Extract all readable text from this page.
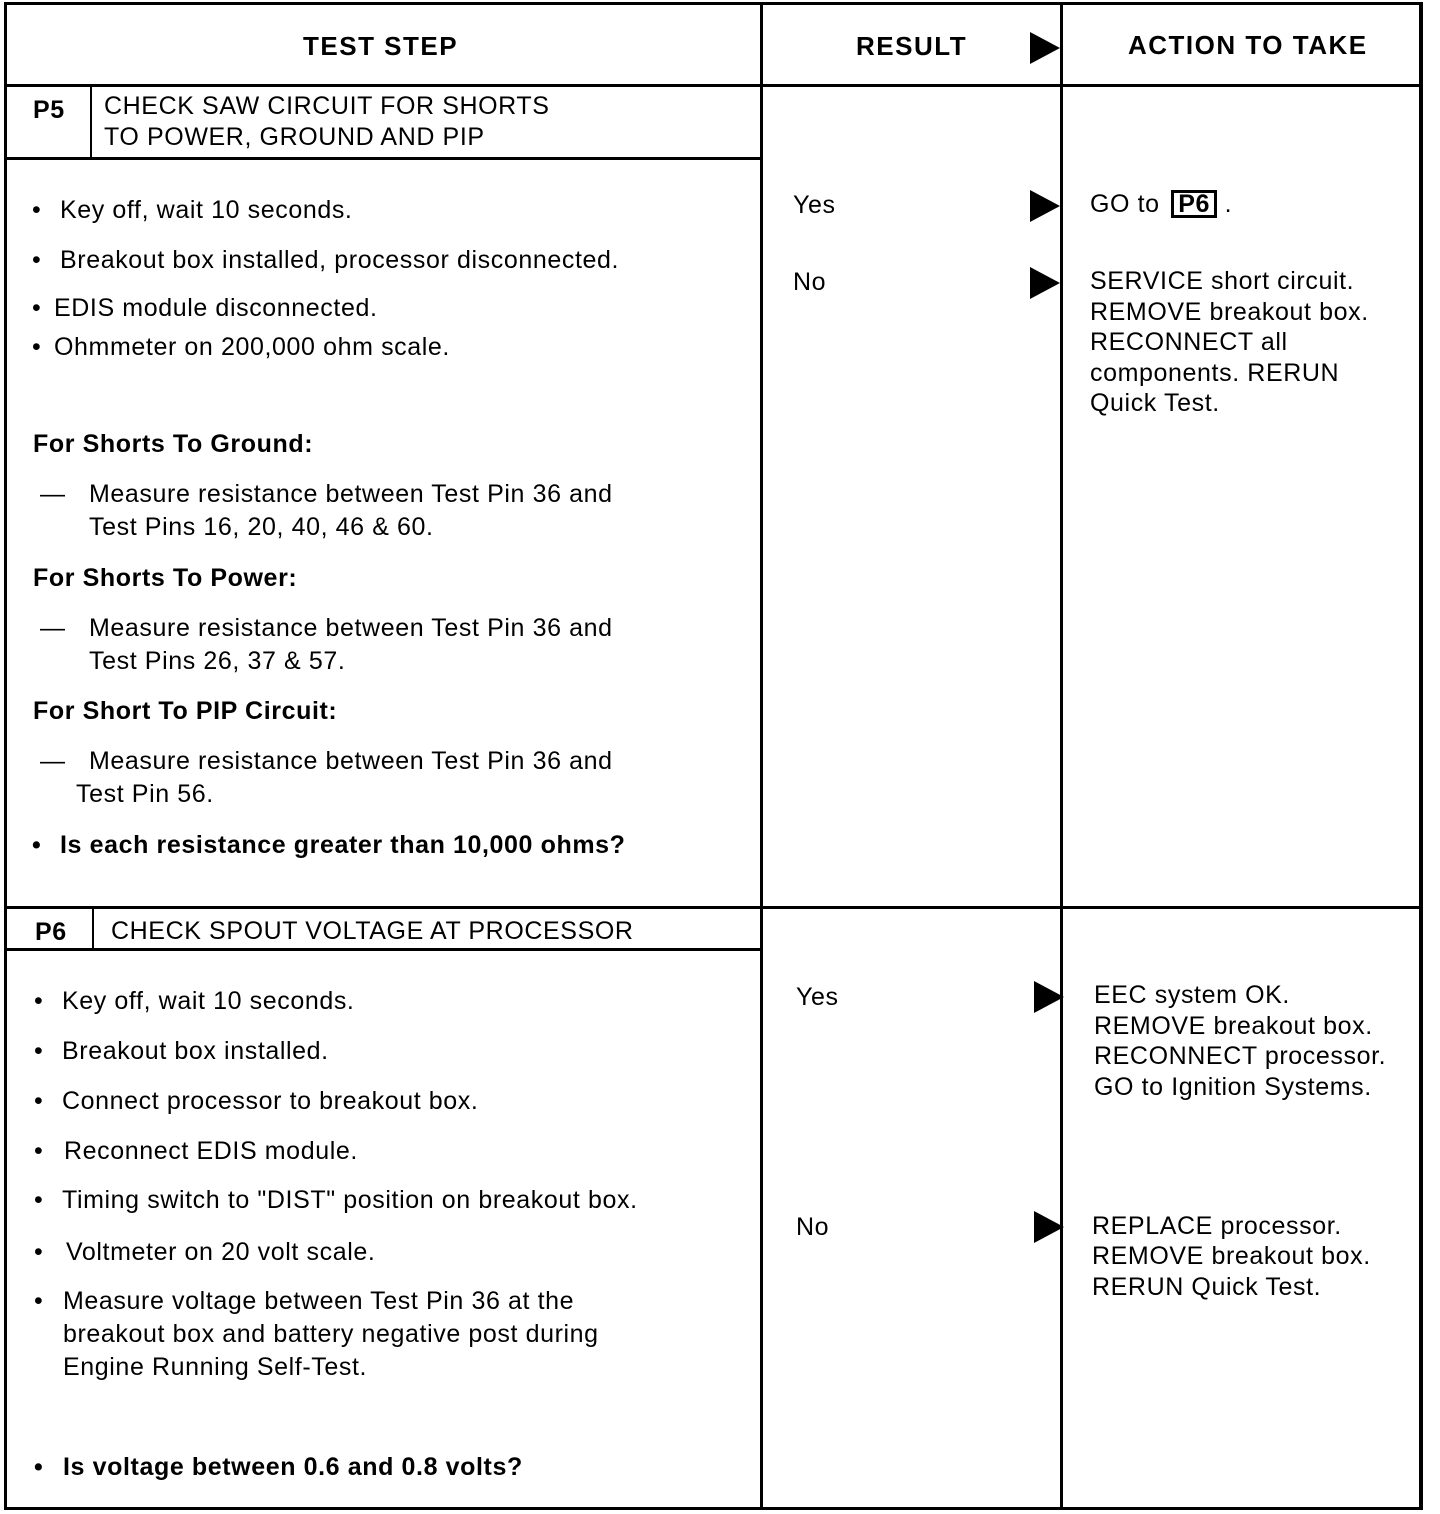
TEST STEP	RESULT	ACTION TO TAKE
P5 CHECK SAW CIRCUIT FOR SHORTS
TO POWER, GROUND AND PIP
• Key off, wait 10 seconds.
• Breakout box installed, processor disconnected.
• EDIS module disconnected.
• Ohmmeter on 200,000 ohm scale.
For Shorts To Ground:
— Measure resistance between Test Pin 36 and
Test Pins 16, 20, 40, 46 & 60.
For Shorts To Power:
— Measure resistance between Test Pin 36 and
Test Pins 26, 37 & 57.
For Short To PIP Circuit:
— Measure resistance between Test Pin 36 and
Test Pin 56.
• Is each resistance greater than 10,000 ohms?
Yes	GO to P6 .
No	SERVICE short circuit.
REMOVE breakout box.
RECONNECT all
components. RERUN
Quick Test.
P6 CHECK SPOUT VOLTAGE AT PROCESSOR
• Key off, wait 10 seconds.
• Breakout box installed.
• Connect processor to breakout box.
• Reconnect EDIS module.
• Timing switch to "DIST" position on breakout box.
• Voltmeter on 20 volt scale.
• Measure voltage between Test Pin 36 at the
breakout box and battery negative post during
Engine Running Self-Test.
• Is voltage between 0.6 and 0.8 volts?
Yes	EEC system OK.
REMOVE breakout box.
RECONNECT processor.
GO to Ignition Systems.
No	REPLACE processor.
REMOVE breakout box.
RERUN Quick Test.
